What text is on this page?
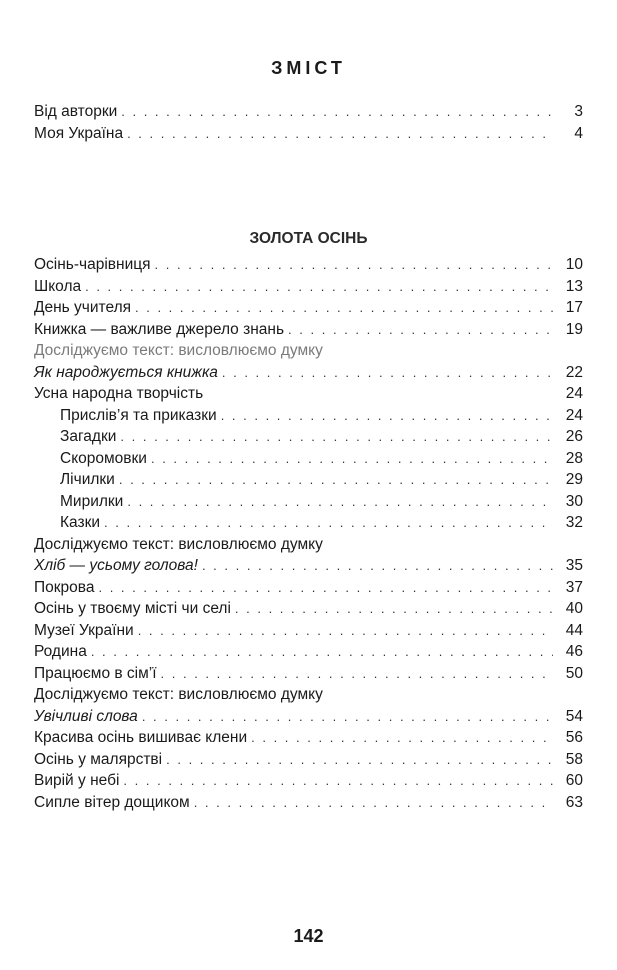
ЗМІСТ
Від авторки . . .	3
Моя Україна . . .	4
ЗОЛОТА ОСІНЬ
Осінь-чарівниця . . .	10
Школа . . .	13
День учителя . . .	17
Книжка — важливе джерело знань . . .	19
Досліджуємо текст: висловлюємо думку
Як народжується книжка . . .	22
Усна народна творчість	24
Прислів’я та приказки . . .	24
Загадки . . .	26
Скоромовки . . .	28
Лічилки . . .	29
Мирилки . . .	30
Казки . . .	32
Досліджуємо текст: висловлюємо думку
Хліб — усьому голова! . . .	35
Покрова . . .	37
Осінь у твоєму місті чи селі . . .	40
Музеї України . . .	44
Родина . . .	46
Працюємо в сім’ї . . .	50
Досліджуємо текст: висловлюємо думку
Увічливі слова . . .	54
Красива осінь вишиває клени . . .	56
Осінь у малярстві . . .	58
Вирій у небі . . .	60
Сипле вітер дощиком . . .	63
142
